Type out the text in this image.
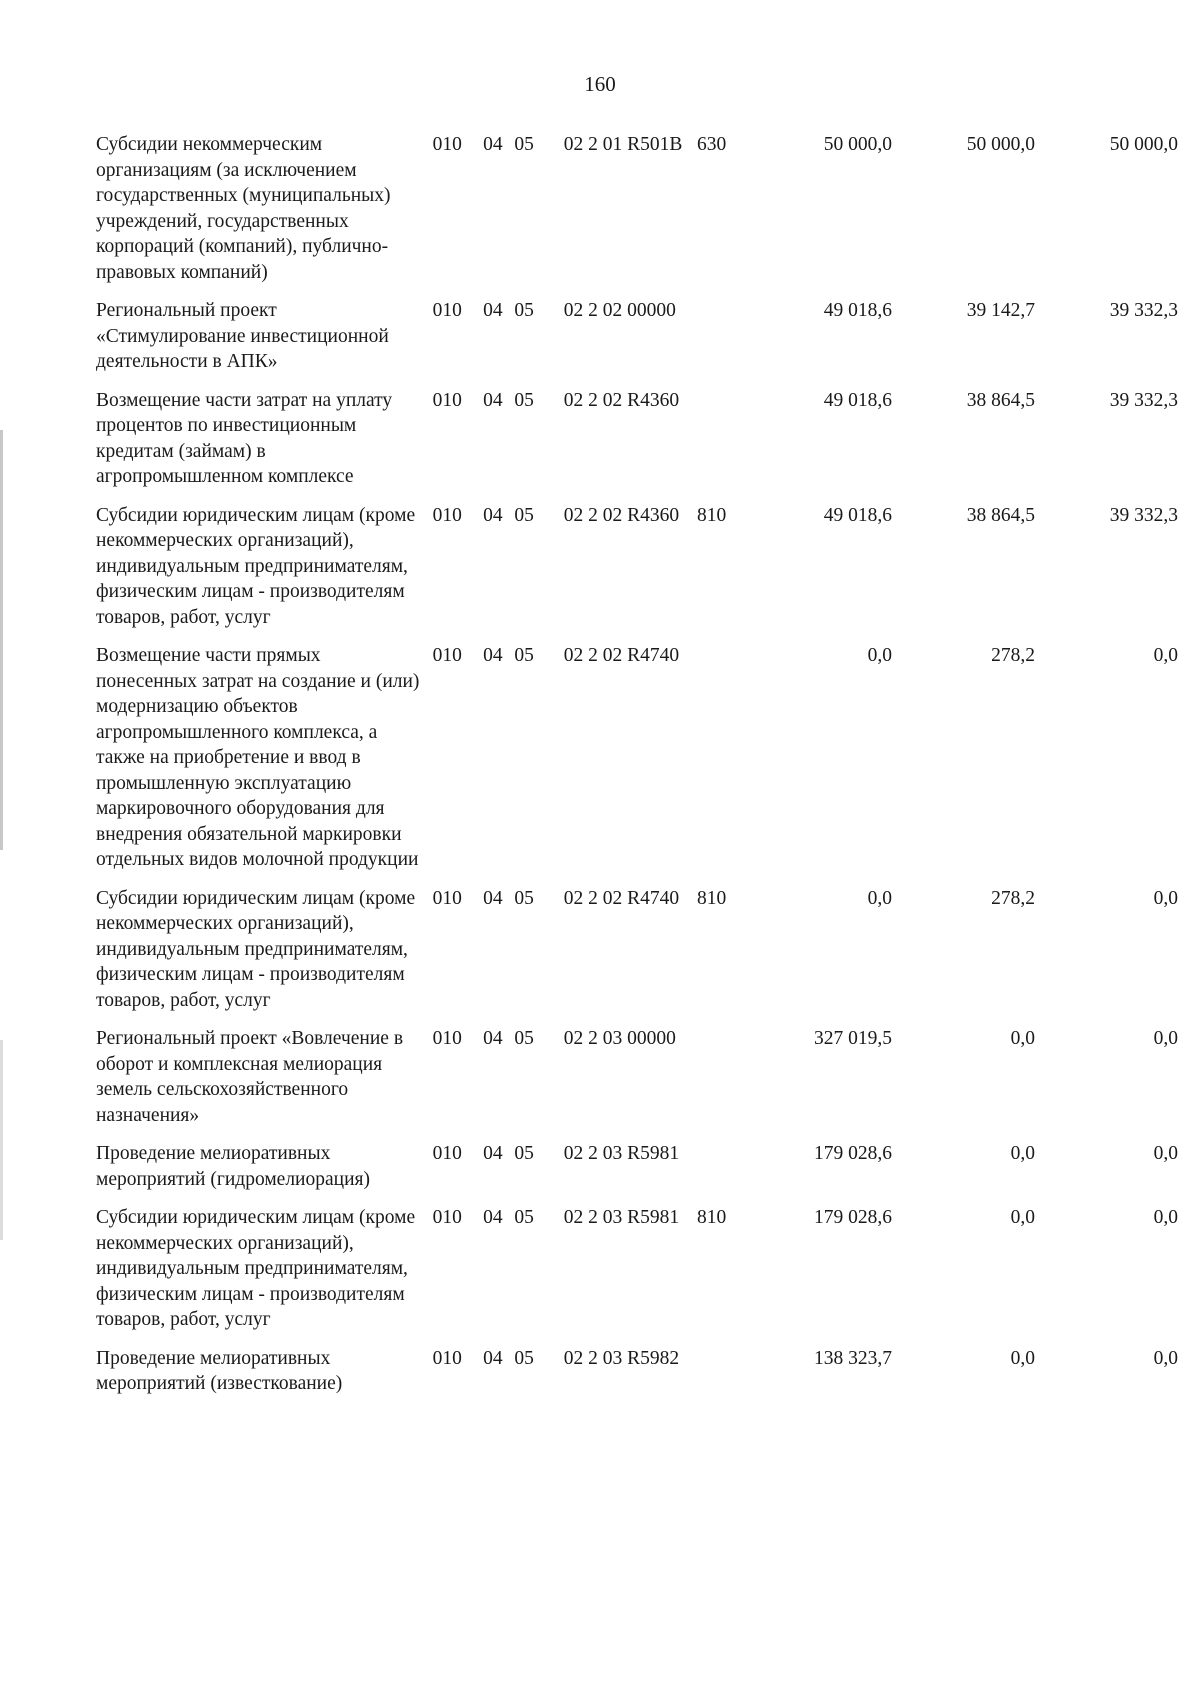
160
Субсидии некоммерческим организациям (за исключением государственных (муниципальных) учреждений, государственных корпораций (компаний), публично-правовых компаний)	010	04	05	02 2 01 R501В	630	50 000,0	50 000,0	50 000,0
Региональный проект «Стимулирование инвестиционной деятельности в АПК»	010	04	05	02 2 02 00000		49 018,6	39 142,7	39 332,3
Возмещение части затрат на уплату процентов по инвестиционным кредитам (займам) в агропромышленном комплексе	010	04	05	02 2 02 R4360		49 018,6	38 864,5	39 332,3
Субсидии юридическим лицам (кроме некоммерческих организаций), индивидуальным предпринимателям, физическим лицам - производителям товаров, работ, услуг	010	04	05	02 2 02 R4360	810	49 018,6	38 864,5	39 332,3
Возмещение части прямых понесенных затрат на создание и (или) модернизацию объектов агропромышленного комплекса, а также на приобретение и ввод в промышленную эксплуатацию маркировочного оборудования для внедрения обязательной маркировки отдельных видов молочной продукции	010	04	05	02 2 02 R4740		0,0	278,2	0,0
Субсидии юридическим лицам (кроме некоммерческих организаций), индивидуальным предпринимателям, физическим лицам - производителям товаров, работ, услуг	010	04	05	02 2 02 R4740	810	0,0	278,2	0,0
Региональный проект «Вовлечение в оборот и комплексная мелиорация земель сельскохозяйственного назначения»	010	04	05	02 2 03 00000		327 019,5	0,0	0,0
Проведение мелиоративных мероприятий (гидромелиорация)	010	04	05	02 2 03 R5981		179 028,6	0,0	0,0
Субсидии юридическим лицам (кроме некоммерческих организаций), индивидуальным предпринимателям, физическим лицам - производителям товаров, работ, услуг	010	04	05	02 2 03 R5981	810	179 028,6	0,0	0,0
Проведение мелиоративных мероприятий (известкование)	010	04	05	02 2 03 R5982		138 323,7	0,0	0,0
